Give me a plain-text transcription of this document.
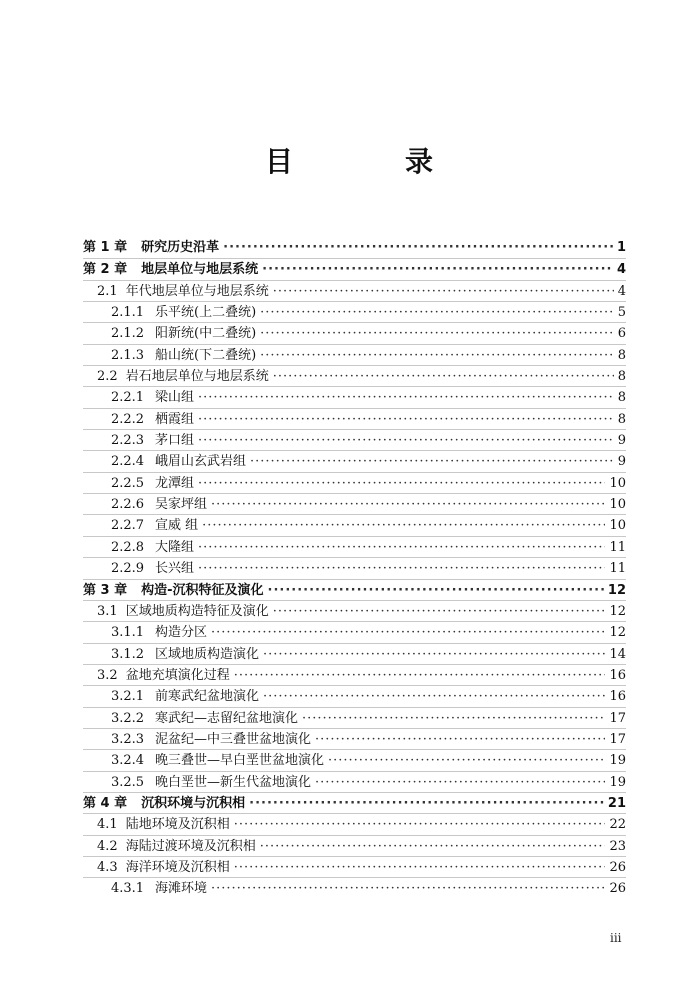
目　录
第 1 章 研究历史沿革 ·····	1
第 2 章 地层单位与地层系统 ·····	4
2.1 年代地层单位与地层系统 ·····	4
2.1.1 乐平统(上二叠统) ·····	5
2.1.2 阳新统(中二叠统) ·····	6
2.1.3 船山统(下二叠统) ·····	8
2.2 岩石地层单位与地层系统 ·····	8
2.2.1 梁山组 ·····	8
2.2.2 栖霞组 ·····	8
2.2.3 茅口组 ·····	9
2.2.4 峨眉山玄武岩组 ·····	9
2.2.5 龙潭组 ·····	10
2.2.6 吴家坪组 ·····	10
2.2.7 宣威 组 ·····	10
2.2.8 大隆组 ·····	11
2.2.9 长兴组 ·····	11
第 3 章 构造-沉积特征及演化 ·····	12
3.1 区域地质构造特征及演化 ·····	12
3.1.1 构造分区 ·····	12
3.1.2 区域地质构造演化 ·····	14
3.2 盆地充填演化过程 ·····	16
3.2.1 前寒武纪盆地演化 ·····	16
3.2.2 寒武纪—志留纪盆地演化 ·····	17
3.2.3 泥盆纪—中三叠世盆地演化 ·····	17
3.2.4 晚三叠世—早白垩世盆地演化 ·····	19
3.2.5 晚白垩世—新生代盆地演化 ·····	19
第 4 章 沉积环境与沉积相 ·····	21
4.1 陆地环境及沉积相 ·····	22
4.2 海陆过渡环境及沉积相 ·····	23
4.3 海洋环境及沉积相 ·····	26
4.3.1 海滩环境 ·····	26
iii
